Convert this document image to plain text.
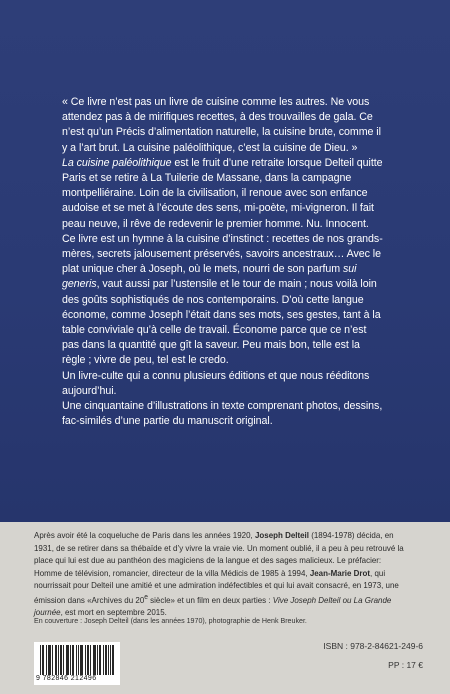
« Ce livre n’est pas un livre de cuisine comme les autres. Ne vous attendez pas à de mirifiques recettes, à des trouvailles de gala. Ce n’est qu’un Précis d’alimentation naturelle, la cuisine brute, comme il y a l’art brut. La cuisine paléolithique, c’est la cuisine de Dieu. »

La cuisine paléolithique est le fruit d’une retraite lorsque Delteil quitte Paris et se retire à La Tuilerie de Massane, dans la campagne montpelliéraine. Loin de la civilisation, il renoue avec son enfance audoise et se met à l’écoute des sens, mi-poète, mi-vigneron. Il fait peau neuve, il rêve de redevenir le premier homme. Nu. Innocent.

Ce livre est un hymne à la cuisine d’instinct : recettes de nos grands-mères, secrets jalousement préservés, savoirs ancestraux… Avec le plat unique cher à Joseph, où le mets, nourri de son parfum sui generis, vaut aussi par l’ustensile et le tour de main ; nous voilà loin des goûts sophistiqués de nos contemporains. D’où cette langue économe, comme Joseph l’était dans ses mots, ses gestes, tant à la table conviviale qu’à celle de travail. Économe parce que ce n’est pas dans la quantité que gît la saveur. Peu mais bon, telle est la règle ; vivre de peu, tel est le credo.

Un livre-culte qui a connu plusieurs éditions et que nous rééditons aujourd’hui.

Une cinquantaine d’illustrations in texte comprenant photos, dessins, fac-similés d’une partie du manuscrit original.

Après avoir été la coqueluche de Paris dans les années 1920, Joseph Delteil (1894-1978) décida, en 1931, de se retirer dans sa thébaïde et d’y vivre la vraie vie. Un moment oublié, il a peu à peu retrouvé la place qui lui est due au panthéon des magiciens de la langue et des sages malicieux. Le préfacier: Homme de télévision, romancier, directeur de la villa Médicis de 1985 à 1994, Jean-Marie Drot, qui nourrissait pour Delteil une amitié et une admiration indéfectibles et qui lui avait consacré, en 1973, une émission dans «Archives du 20e siècle» et un film en deux parties : Vive Joseph Delteil ou La Grande journée, est mort en septembre 2015.

En couverture : Joseph Delteil (dans les années 1970), photographie de Henk Breuker.
9 782846 212496
ISBN : 978-2-84621-249-6
PP : 17 €
